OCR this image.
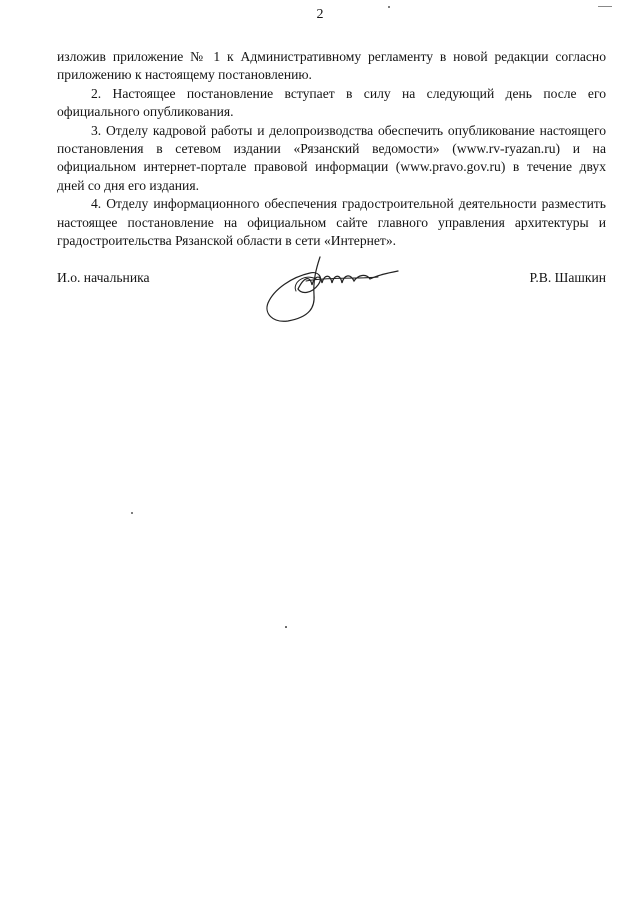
2

изложив приложение № 1 к Административному регламенту в новой редакции согласно приложению к настоящему постановлению.

2. Настоящее постановление вступает в силу на следующий день после его официального опубликования.

3. Отделу кадровой работы и делопроизводства обеспечить опубликование настоящего постановления в сетевом издании «Рязанский ведомости» (www.rv-ryazan.ru) и на официальном интернет-портале правовой информации (www.pravo.gov.ru) в течение двух дней со дня его издания.

4. Отделу информационного обеспечения градостроительной деятельности разместить настоящее постановление на официальном сайте главного управления архитектуры и градостроительства Рязанской области в сети «Интернет».

И.о. начальника	Р.В. Шашкин
